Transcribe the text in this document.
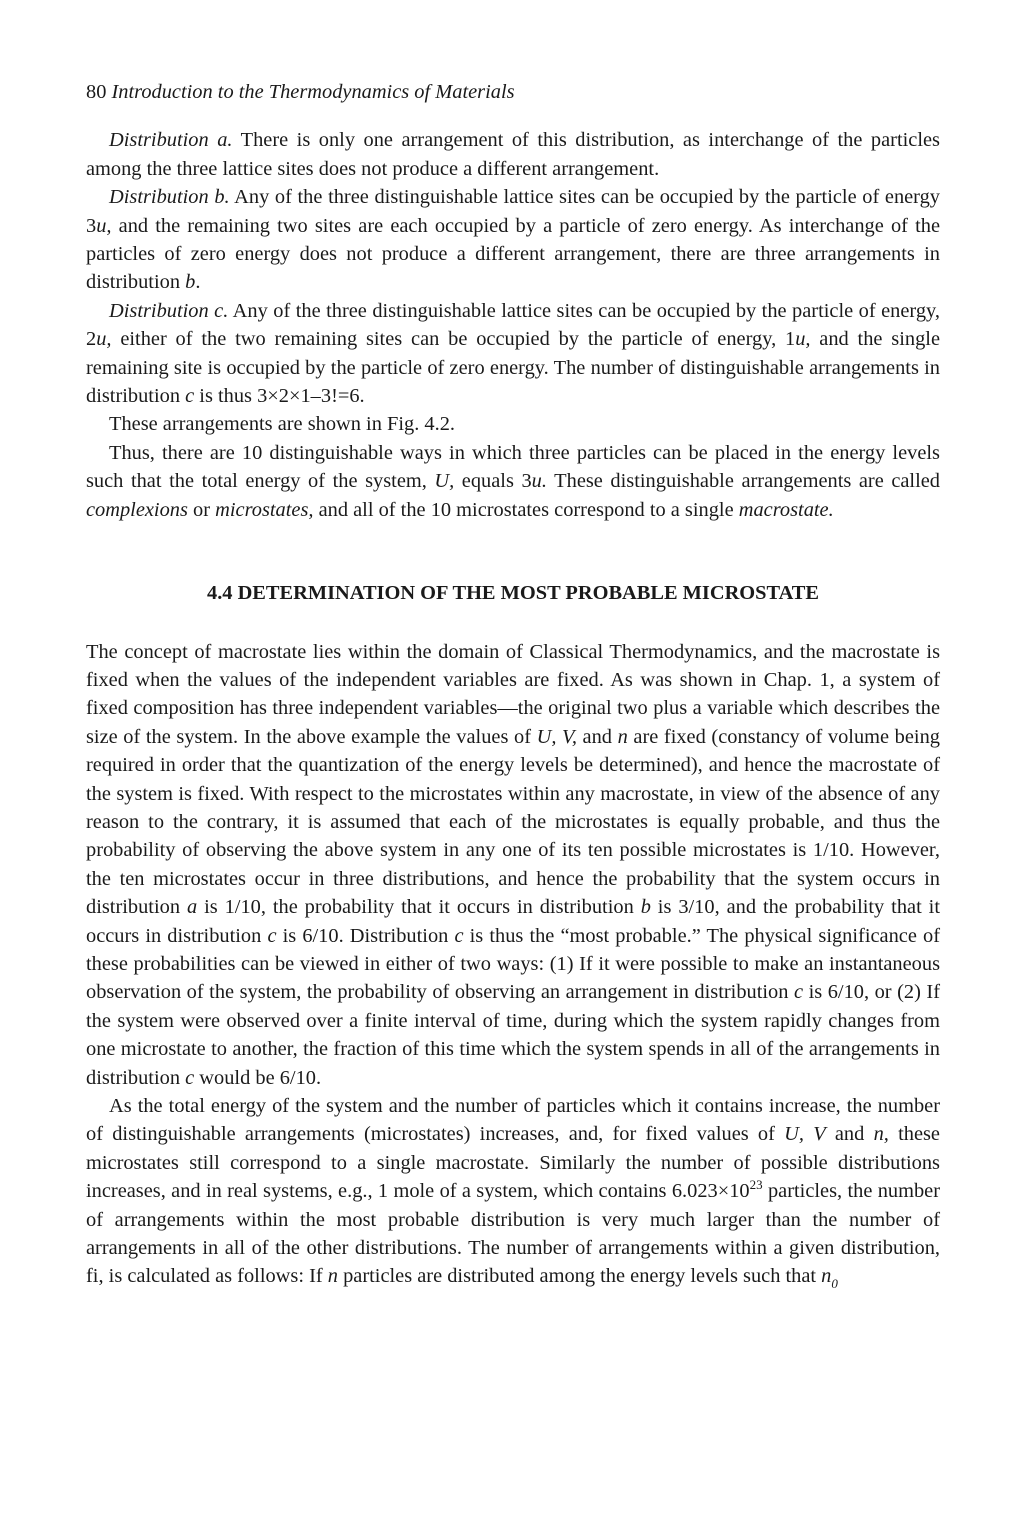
80 Introduction to the Thermodynamics of Materials

Distribution a. There is only one arrangement of this distribution, as interchange of the particles among the three lattice sites does not produce a different arrangement.

Distribution b. Any of the three distinguishable lattice sites can be occupied by the particle of energy 3u, and the remaining two sites are each occupied by a particle of zero energy. As interchange of the particles of zero energy does not produce a different arrangement, there are three arrangements in distribution b.

Distribution c. Any of the three distinguishable lattice sites can be occupied by the particle of energy, 2u, either of the two remaining sites can be occupied by the particle of energy, 1u, and the single remaining site is occupied by the particle of zero energy. The number of distinguishable arrangements in distribution c is thus 3×2×1–3!=6.

These arrangements are shown in Fig. 4.2.

Thus, there are 10 distinguishable ways in which three particles can be placed in the energy levels such that the total energy of the system, U, equals 3u. These distinguishable arrangements are called complexions or microstates, and all of the 10 microstates correspond to a single macrostate.

4.4 DETERMINATION OF THE MOST PROBABLE MICROSTATE

The concept of macrostate lies within the domain of Classical Thermodynamics, and the macrostate is fixed when the values of the independent variables are fixed. As was shown in Chap. 1, a system of fixed composition has three independent variables—the original two plus a variable which describes the size of the system. In the above example the values of U, V, and n are fixed (constancy of volume being required in order that the quantization of the energy levels be determined), and hence the macrostate of the system is fixed. With respect to the microstates within any macrostate, in view of the absence of any reason to the contrary, it is assumed that each of the microstates is equally probable, and thus the probability of observing the above system in any one of its ten possible microstates is 1/10. However, the ten microstates occur in three distributions, and hence the probability that the system occurs in distribution a is 1/10, the probability that it occurs in distribution b is 3/10, and the probability that it occurs in distribution c is 6/10. Distribution c is thus the “most probable.” The physical significance of these probabilities can be viewed in either of two ways: (1) If it were possible to make an instantaneous observation of the system, the probability of observing an arrangement in distribution c is 6/10, or (2) If the system were observed over a finite interval of time, during which the system rapidly changes from one microstate to another, the fraction of this time which the system spends in all of the arrangements in distribution c would be 6/10.

As the total energy of the system and the number of particles which it contains increase, the number of distinguishable arrangements (microstates) increases, and, for fixed values of U, V and n, these microstates still correspond to a single macrostate. Similarly the number of possible distributions increases, and in real systems, e.g., 1 mole of a system, which contains $6.023\times 10^{23}$ particles, the number of arrangements within the most probable distribution is very much larger than the number of arrangements in all of the other distributions. The number of arrangements within a given distribution, fi, is calculated as follows: If n particles are distributed among the energy levels such that $n_0$
